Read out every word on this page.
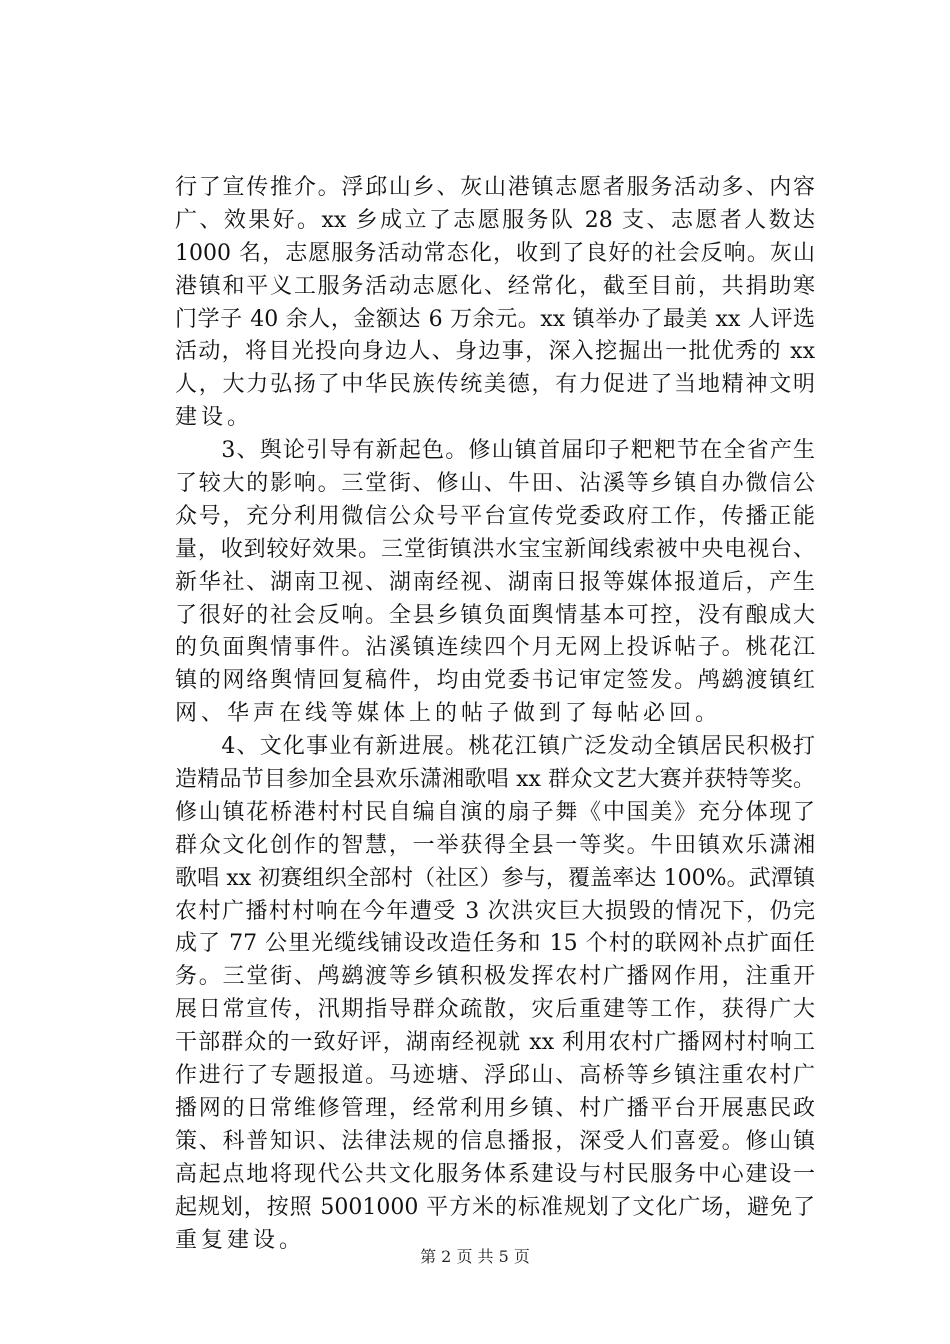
行了宣传推介。浮邱山乡、灰山港镇志愿者服务活动多、内容
广、效果好。xx 乡成立了志愿服务队 28 支、志愿者人数达
1000 名，志愿服务活动常态化，收到了良好的社会反响。灰山
港镇和平义工服务活动志愿化、经常化，截至目前，共捐助寒
门学子 40 余人，金额达 6 万余元。xx 镇举办了最美 xx 人评选
活动，将目光投向身边人、身边事，深入挖掘出一批优秀的 xx
人，大力弘扬了中华民族传统美德，有力促进了当地精神文明
建设。
　　3、舆论引导有新起色。修山镇首届印子粑粑节在全省产生
了较大的影响。三堂街、修山、牛田、沾溪等乡镇自办微信公
众号，充分利用微信公众号平台宣传党委政府工作，传播正能
量，收到较好效果。三堂街镇洪水宝宝新闻线索被中央电视台、
新华社、湖南卫视、湖南经视、湖南日报等媒体报道后，产生
了很好的社会反响。全县乡镇负面舆情基本可控，没有酿成大
的负面舆情事件。沾溪镇连续四个月无网上投诉帖子。桃花江
镇的网络舆情回复稿件，均由党委书记审定签发。鸬鹚渡镇红
网、华声在线等媒体上的帖子做到了每帖必回。
　　4、文化事业有新进展。桃花江镇广泛发动全镇居民积极打
造精品节目参加全县欢乐潇湘歌唱 xx 群众文艺大赛并获特等奖。
修山镇花桥港村村民自编自演的扇子舞《中国美》充分体现了
群众文化创作的智慧，一举获得全县一等奖。牛田镇欢乐潇湘
歌唱 xx 初赛组织全部村（社区）参与，覆盖率达 100%。武潭镇
农村广播村村响在今年遭受 3 次洪灾巨大损毁的情况下，仍完
成了 77 公里光缆线铺设改造任务和 15 个村的联网补点扩面任
务。三堂街、鸬鹚渡等乡镇积极发挥农村广播网作用，注重开
展日常宣传，汛期指导群众疏散，灾后重建等工作，获得广大
干部群众的一致好评，湖南经视就 xx 利用农村广播网村村响工
作进行了专题报道。马迹塘、浮邱山、高桥等乡镇注重农村广
播网的日常维修管理，经常利用乡镇、村广播平台开展惠民政
策、科普知识、法律法规的信息播报，深受人们喜爱。修山镇
高起点地将现代公共文化服务体系建设与村民服务中心建设一
起规划，按照 5001000 平方米的标准规划了文化广场，避免了
重复建设。
第 2 页 共 5 页
